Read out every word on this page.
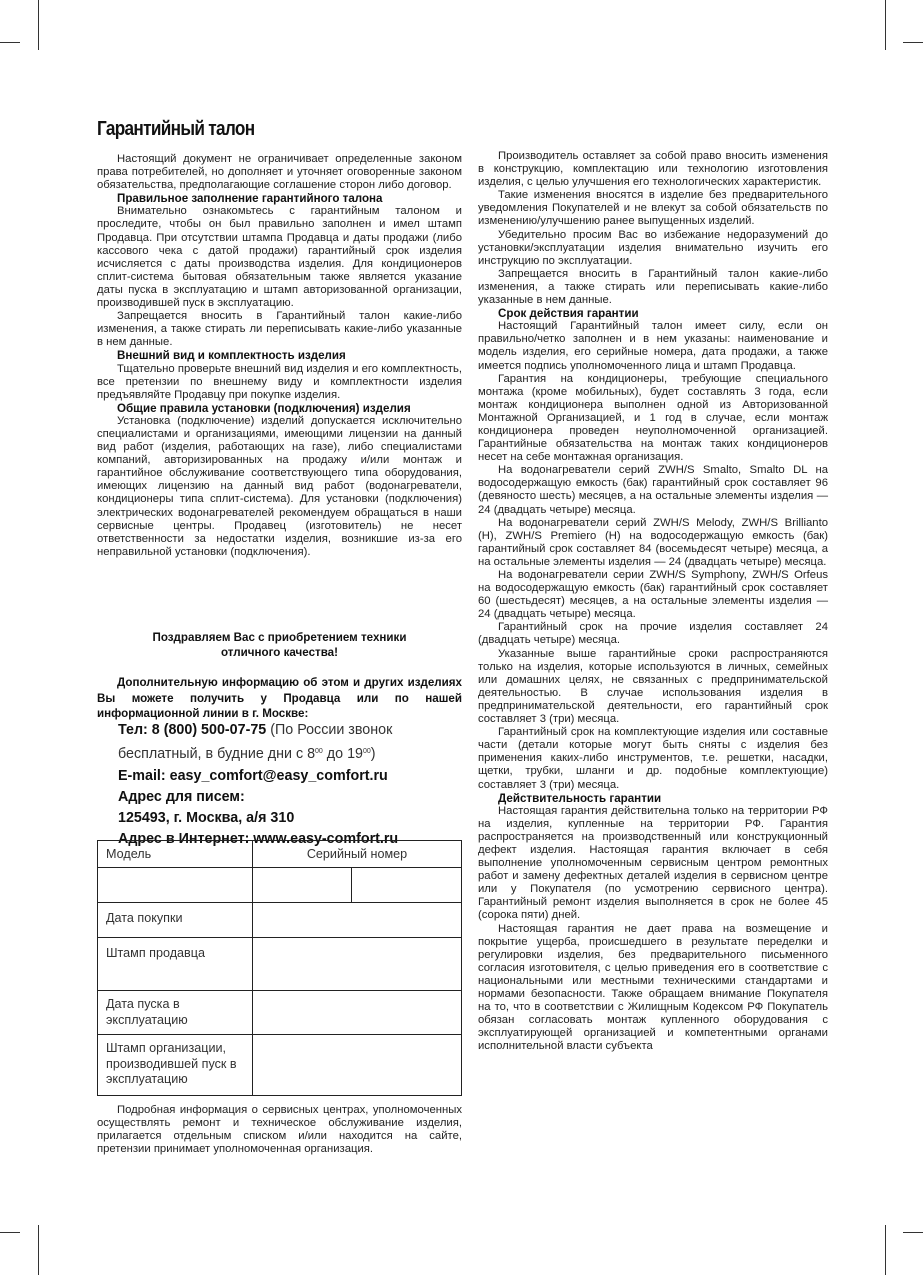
Гарантийный талон

Настоящий документ не ограничивает определенные законом права потребителей, но дополняет и уточняет оговоренные законом обязательства, предполагающие соглашение сторон либо договор.

Правильное заполнение гарантийного талона

Внимательно ознакомьтесь с гарантийным талоном и проследите, чтобы он был правильно заполнен и имел штамп Продавца. При отсутствии штампа Продавца и даты продажи (либо кассового чека с датой продажи) гарантийный срок изделия исчисляется с даты производства изделия. Для кондиционеров сплит-система бытовая обязательным также является указание даты пуска в эксплуатацию и штамп авторизованной организации, производившей пуск в эксплуатацию.

Запрещается вносить в Гарантийный талон какие-либо изменения, а также стирать ли переписывать какие-либо указанные в нем данные.

Внешний вид и комплектность изделия

Тщательно проверьте внешний вид изделия и его комплектность, все претензии по внешнему виду и комплектности изделия предъявляйте Продавцу при покупке изделия.

Общие правила установки (подключения) изделия

Установка (подключение) изделий допускается исключительно специалистами и организациями, имеющими лицензии на данный вид работ (изделия, работающих на газе), либо специалистами компаний, авторизированных на продажу и/или монтаж и гарантийное обслуживание соответствующего типа оборудования, имеющих лицензию на данный вид работ (водонагреватели, кондиционеры типа сплит-система). Для установки (подключения) электрических водонагревателей рекомендуем обращаться в наши сервисные центры. Продавец (изготовитель) не несет ответственности за недостатки изделия, возникшие из-за его неправильной установки (подключения).

Поздравляем Вас с приобретением техники
отличного качества!
Дополнительную информацию об этом и других изделиях Вы можете получить у Продавца или по нашей информационной линии в г. Москве:
Тел: 8 (800) 500-07-75 (По России звонок
бесплатный, в будние дни с $8^{00}$ до $19^{00}$)
E-mail: easy_comfort@easy_comfort.ru
Адрес для писем:
125493, г. Москва, а/я 310
Адрес в Интернет: www.easy-comfort.ru
Модель	Серийный номер	

Дата покупки		
Штамп продавца		
Дата пуска в эксплуатацию		
Штамп организации, производившей пуск в эксплуатацию		

Подробная информация о сервисных центрах, уполномоченных осуществлять ремонт и техническое обслуживание изделия, прилагается отдельным списком и/или находится на сайте, претензии принимает уполномоченная организация.

Производитель оставляет за собой право вносить изменения в конструкцию, комплектацию или технологию изготовления изделия, с целью улучшения его технологических характеристик.

Такие изменения вносятся в изделие без предварительного уведомления Покупателей и не влекут за собой обязательств по изменению/улучшению ранее выпущенных изделий.

Убедительно просим Вас во избежание недоразумений до установки/эксплуатации изделия внимательно изучить его инструкцию по эксплуатации.

Запрещается вносить в Гарантийный талон какие-либо изменения, а также стирать или переписывать какие-либо указанные в нем данные.

Срок действия гарантии

Настоящий Гарантийный талон имеет силу, если он правильно/четко заполнен и в нем указаны: наименование и модель изделия, его серийные номера, дата продажи, а также имеется подпись уполномоченного лица и штамп Продавца.

Гарантия на кондиционеры, требующие специального монтажа (кроме мобильных), будет составлять 3 года, если монтаж кондиционера выполнен одной из Авторизованной Монтажной Организацией, и 1 год в случае, если монтаж кондиционера проведен неуполномоченной организацией. Гарантийные обязательства на монтаж таких кондиционеров несет на себе монтажная организация.

На водонагреватели серий ZWH/S Smalto, Smalto DL на водосодержащую емкость (бак) гарантийный срок составляет 96 (девяносто шесть) месяцев, а на остальные элементы изделия — 24 (двадцать четыре) месяца.

На водонагреватели серий ZWH/S Melody, ZWH/S Brillianto (H), ZWH/S Premiero (H) на водосодержащую емкость (бак) гарантийный срок составляет 84 (восемьдесят четыре) месяца, а на остальные элементы изделия — 24 (двадцать четыре) месяца.

На водонагреватели серии ZWH/S Symphony, ZWH/S Orfeus на водосодержащую емкость (бак) гарантийный срок составляет 60 (шестьдесят) месяцев, а на остальные элементы изделия — 24 (двадцать четыре) месяца.

Гарантийный срок на прочие изделия составляет 24 (двадцать четыре) месяца.

Указанные выше гарантийные сроки распространяются только на изделия, которые используются в личных, семейных или домашних целях, не связанных с предпринимательской деятельностью. В случае использования изделия в предпринимательской деятельности, его гарантийный срок составляет 3 (три) месяца.

Гарантийный срок на комплектующие изделия или составные части (детали которые могут быть сняты с изделия без применения каких-либо инструментов, т.е. решетки, насадки, щетки, трубки, шланги и др. подобные комплектующие) составляет 3 (три) месяца.

Действительность гарантии

Настоящая гарантия действительна только на территории РФ на изделия, купленные на территории РФ. Гарантия распространяется на производственный или конструкционный дефект изделия. Настоящая гарантия включает в себя выполнение уполномоченным сервисным центром ремонтных работ и замену дефектных деталей изделия в сервисном центре или у Покупателя (по усмотрению сервисного центра). Гарантийный ремонт изделия выполняется в срок не более 45 (сорока пяти) дней.

Настоящая гарантия не дает права на возмещение и покрытие ущерба, происшедшего в результате переделки и регулировки изделия, без предварительного письменного согласия изготовителя, с целью приведения его в соответствие с национальными или местными техническими стандартами и нормами безопасности. Также обращаем внимание Покупателя на то, что в соответствии с Жилищным Кодексом РФ Покупатель обязан согласовать монтаж купленного оборудования с эксплуатирующей организацией и компетентными органами исполнительной власти субъекта
